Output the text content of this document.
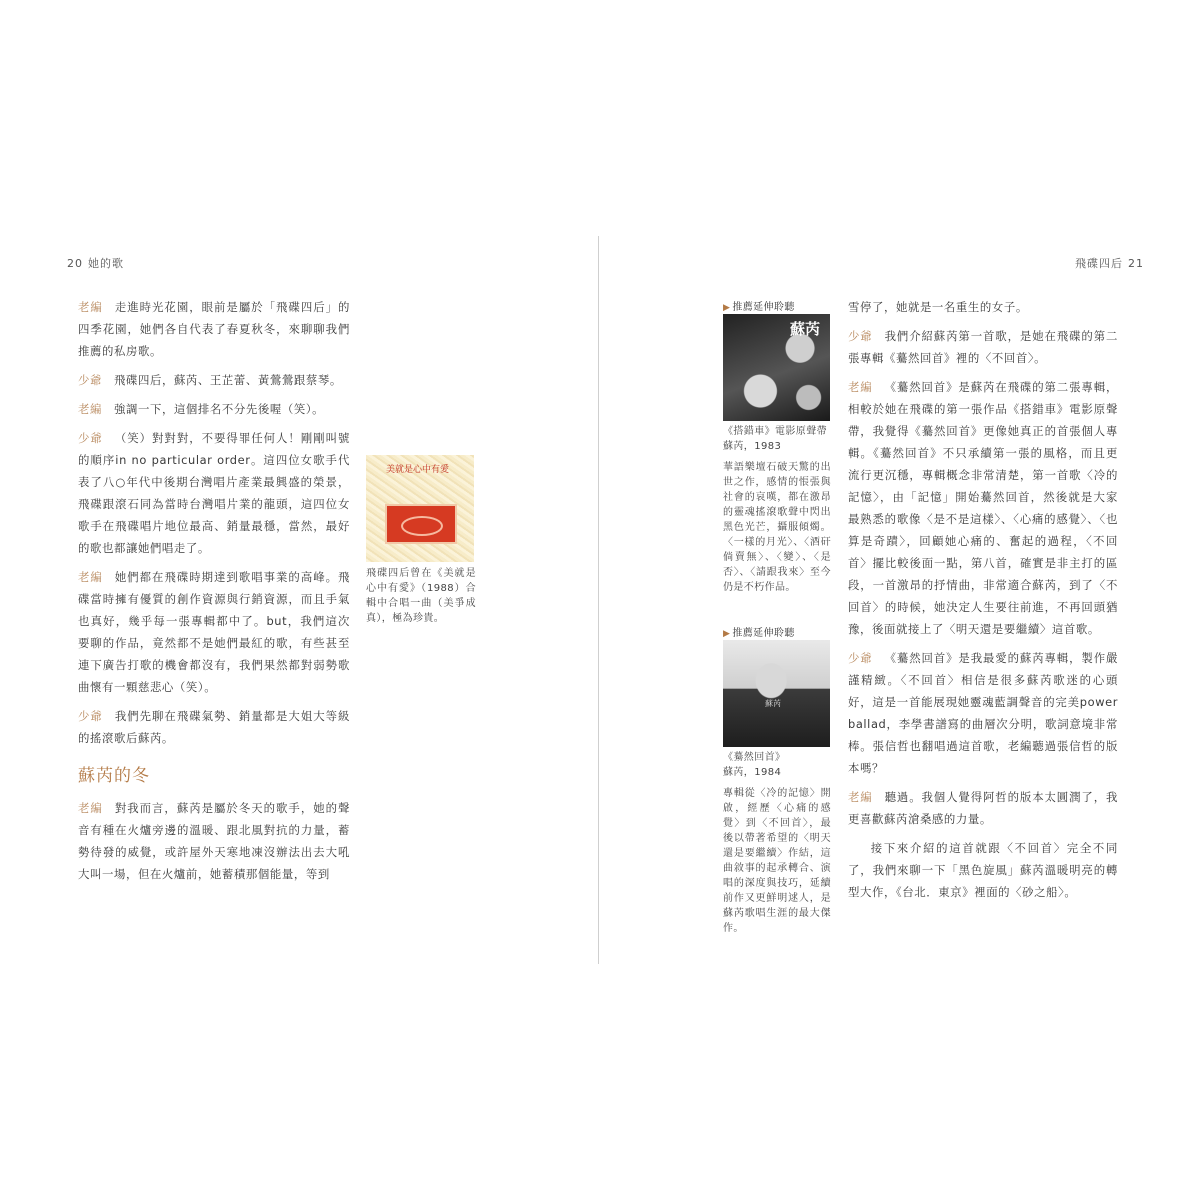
20 她的歌	飛碟四后 21

老編 走進時光花園，眼前是屬於「飛碟四后」的四季花園，她們各自代表了春夏秋冬，來聊聊我們推薦的私房歌。

少爺 飛碟四后，蘇芮、王芷蕾、黃鶯鶯跟蔡琴。

老編 強調一下，這個排名不分先後喔（笑）。

少爺 （笑）對對對，不要得罪任何人！剛剛叫號的順序in no particular order。這四位女歌手代表了八○年代中後期台灣唱片產業最興盛的榮景，飛碟跟滾石同為當時台灣唱片業的龍頭，這四位女歌手在飛碟唱片地位最高、銷量最穩，當然，最好的歌也都讓她們唱走了。

老編 她們都在飛碟時期達到歌唱事業的高峰。飛碟當時擁有優質的創作資源與行銷資源，而且手氣也真好，幾乎每一張專輯都中了。but，我們這次要聊的作品，竟然都不是她們最紅的歌，有些甚至連下廣告打歌的機會都沒有，我們果然都對弱勢歌曲懷有一顆慈悲心（笑）。

少爺 我們先聊在飛碟氣勢、銷量都是大姐大等級的搖滾歌后蘇芮。

蘇芮的冬

老編 對我而言，蘇芮是屬於冬天的歌手，她的聲音有種在火爐旁邊的溫暖、跟北風對抗的力量，蓄勢待發的威覺，或許屋外天寒地凍沒辦法出去大吼大叫一場，但在火爐前，她蓄積那個能量，等到

美就是心中有愛

飛碟四后曾在《美就是心中有愛》（1988）合輯中合唱一曲（美爭成真），極為珍貴。

▶ 推薦延伸聆聽
蘇芮

《搭錯車》電影原聲帶

蘇芮，1983

華語樂壇石破天驚的出世之作，感情的悵張與社會的哀嘆，都在激昂的靈魂搖滾歌聲中閃出黑色光芒，攝服傾燭。〈一樣的月光〉、〈酒矸倘賣無〉、〈變〉、〈是否〉、〈請跟我來〉至今仍是不朽作品。

▶ 推薦延伸聆聽
蘇芮

《驀然回首》

蘇芮，1984

專輯從〈冷的記憶〉開啟，經歷〈心痛的感覺〉到〈不回首〉，最後以帶著希望的〈明天還是要繼續〉作結，這曲敘事的起承轉合、演唱的深度與技巧，延續前作又更鮮明逑人，是蘇芮歌唱生涯的最大傑作。

雪停了，她就是一名重生的女子。

少爺 我們介紹蘇芮第一首歌，是她在飛碟的第二張專輯《驀然回首》裡的〈不回首〉。

老編 《驀然回首》是蘇芮在飛碟的第二張專輯，相較於她在飛碟的第一張作品《搭錯車》電影原聲帶，我覺得《驀然回首》更像她真正的首張個人專輯。《驀然回首》不只承續第一張的風格，而且更流行更沉穩，專輯概念非常清楚，第一首歌〈冷的記憶〉，由「記憶」開始驀然回首，然後就是大家最熟悉的歌像〈是不是這樣〉、〈心痛的感覺〉、〈也算是奇蹟〉，回顧她心痛的、奮起的過程，〈不回首〉擺比較後面一點，第八首，確實是非主打的區段，一首激昂的抒情曲，非常適合蘇芮，到了〈不回首〉的時候，她決定人生要往前進，不再回頭猶豫，後面就接上了〈明天還是要繼續〉這首歌。

少爺 《驀然回首》是我最愛的蘇芮專輯，製作嚴謹精緻。〈不回首〉相信是很多蘇芮歌迷的心頭好，這是一首能展現她靈魂藍調聲音的完美power ballad，李學書譜寫的曲層次分明，歌詞意境非常棒。張信哲也翻唱過這首歌，老編聽過張信哲的版本嗎？

老編 聽過。我個人覺得阿哲的版本太圓潤了，我更喜歡蘇芮滄桑感的力量。

接下來介紹的這首就跟〈不回首〉完全不同了，我們來聊一下「黑色旋風」蘇芮溫暖明亮的轉型大作，《台北．東京》裡面的〈砂之船〉。
